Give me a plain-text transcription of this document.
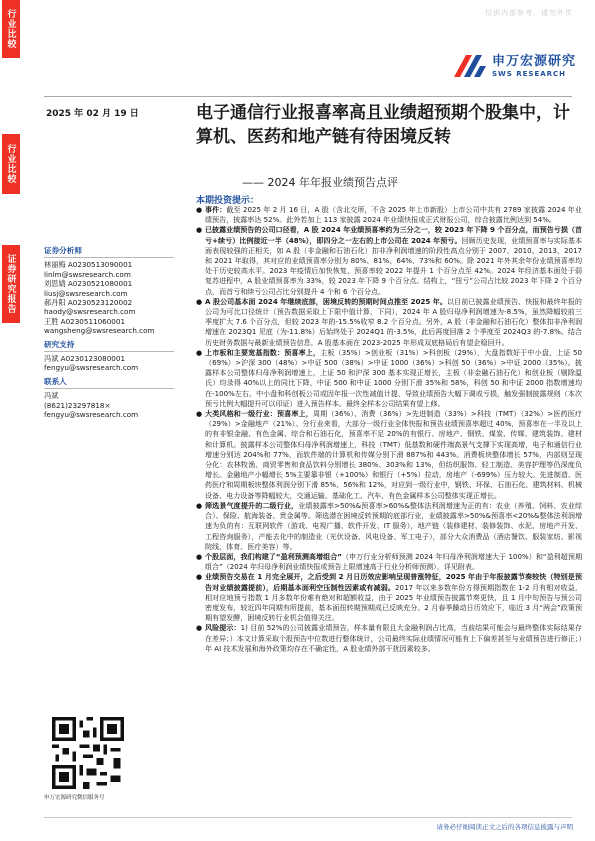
行业比较
行业比较
证券研究报告
仅供内部参考，请勿外传
申万宏源研究
SWS RESEARCH
2025 年 02 月 19 日	电子通信行业报喜率高且业绩超预期个股集中，计算机、医药和地产链有待困境反转
—— 2024 年年报业绩预告点评
本期投资提示：
证券分析师
林丽梅 A0230513090001
linlm@swsresearch.com
刘思婧 A0230521080001
liusj@swsresearch.com
郝丹阳 A0230523120002
haody@swsresearch.com
王胜 A0230511060001
wangsheng@swsresearch.com
研究支持
冯斌 A0230123080001
fengyu@swsresearch.com
联系人
冯斌
(8621)23297818×
fengyu@swsresearch.com
申万宏源研究微信服务号
● 事件：截至 2025 年 2 月 16 日，A 股（含北交所，不含 2025 年上市新股）上市公司中共有 2789 家披露 2024 年业绩预告，披露率达 52%。此外若加上 113 家披露 2024 年业绩快报或正式财报公司，综合披露比例达到 54%。
● 已披露业绩预告的公司口径看，A 股 2024 年业绩预喜率约为三分之一，较 2023 年下降 9 个百分点，而预告亏损（首亏+续亏）比例接近一半（48%），即四分之一左右的上市公司在 2024 年预亏。回顾历史发现，业绩预喜率与实际基本面表现较强的正相关，如 A 股（非金融和石油石化）扣非净利润增速的阶段性高点分别于 2007、2010、2013、2017 和 2021 年取得，其对应的业绩预喜率分别为 80%、81%、64%、73%和 60%。除 2021 年外其余年份业绩预喜率均处于历史较高水平。2023 年疫情后加快恢复，预喜率较 2022 年提升 1 个百分点至 42%。2024 年经济基本面处于弱复苏进程中，A 股业绩预喜率为 33%，较 2023 年下降 9 个百分点。结构上，“扭亏”公司占比较 2023 年下降 2 个百分点，而首亏和续亏公司占比分别提升 4 个和 6 个百分点。
● A 股公司基本面 2024 年继续底部，困境反转的预期时间点推至 2025 年。以目前已披露业绩预告、快报和最终年报的公司为可比口径统计（预告数据采取上下限中值计算，下同），2024 年 A 股归母净利润增速为-8.5%，虽然降幅较前三季度扩大 7.6 个百分点，但较 2023 年的-15.5%收窄 8.2 个百分点。另外，A 股（非金融和石油石化）整体扣非净利润增速在 2023Q1 见底（为-11.8%）后始终处于 2024Q1 的-3.5%，此后再度回落 2 个季度至 2024Q3 的-7.8%。结合历史财务数据与最新业绩预告信息，A 股基本面在 2023-2025 年形成双底格局后有望企稳回升。
● 上市板和主要宽基指数：预喜率上，主板（35%）>创业板（31%）>科创板（29%），大盘指数好于中小盘，上证 50（69%）>沪深 300（48%）>中证 500（38%）>中证 1000（36%）>科创 50（36%）>中证 2000（35%）。披露样本公司整体归母净利润增速上，上证 50 和沪深 300 基本实现正增长，主板（非金融石油石化）和创业板（剔除温氏）均录得 40%以上的同比下降，中证 500 和中证 1000 分别下滑 35%和 58%，科创 50 和中证 2000 指数增速均在-100%左右。中小盘和科创板公司或因年报一次性减值计提、导致业绩预告大幅下调或亏损，触发强制披露规则（本次预亏比例大幅提升可以印证）进入预告样本。最终全样本公司结果有望上修。
● 大类风格和一级行业：预喜率上，周期（36%）、消费（36%）>先进制造（33%）>科技（TMT）（32%）>医药医疗（29%）>金融地产（21%）。分行业来看，大部分一级行业全体快报和预告业绩预喜率超过 40%，预喜率在一半及以上的有非银金融、有色金属、综合和石油石化，预喜率不足 20%的有银行、房地产、钢铁、煤炭、传媒、建筑装饰、建材和计算机。披露样本公司整体归母净利润增速上，科技（TMT）低基数和硬件端高景气支撑下实现高增，电子和通信行业增速分别达 204%和 77%，而软件端的计算机和传媒分别下滑 887%和 443%。消费板块整体增长 57%，内部则呈现分化：农林牧渔、商贸零售和食品饮料分别增长 380%、303%和 13%，但纺织服饰、轻工制造、美容护理等仍深度负增长。金融地产小幅增长 5%主要靠非银（+100%）和银行（+5%）拉动，房地产（-699%）压力较大。先进制造、医药医疗和周期板块整体利润分别下滑 85%、56%和 12%，对应到一级行业中，钢铁、环保、石油石化、建筑材料、机械设备、电力设备等降幅较大，交通运输、基础化工、汽车、有色金属样本公司整体实现正增长。
● 筛选景气度提升的二级行业，业绩披露率>50%&预喜率>60%&整体法利润增速为正的有：农业（养殖、饲料、农业综合）、保险、航海装备、贵金属等。筛选潜在困境反转预期的底部行业，业绩披露率>50%&预喜率<20%&整体法利润增速为负的有：互联网软件（游戏、电视广播、软件开发、IT 服务），地产链（装修建材、装修装饰、水泥、房地产开发、工程咨询服务），产能去化中的制造业（光伏设备、风电设备、军工电子），部分大众消费品（酒店餐饮、服装家纺、影视院线、体育、医疗美容）等。
● 个股层面，我们构建了“盈利预测高增组合”（申万行业分析师预测 2024 年归母净利润增速大于 100%）和“盈利超预期组合”（2024 年归母净利润业绩快报或预告上限增速高于行业分析师预测），详见附表。
● 业绩预告交易在 1 月完全展开，之后受到 2 月日历效应影响呈现普涨特征，2025 年由于年报披露节奏较快（特别是预告对业绩披露提前），后期基本面利空压制性因素或有减弱。2017 年以来多数年份方得预期指数在 1-2 月有相对收益，相对应地预亏指数 1 月多数年份难有绝对和超额收益，由于 2025 年业绩预告披露节奏更快，且 1 月中旬预告与预公司密度发布，较近四年同期有所提前，基本面扭转期预期成已反映充分。2 月春季躁动日历效应下，临近 3 月“两会”政策预期有望发酵，困境反转行业机会值得关注。
● 风险提示：1) 目前 52%的公司披露业绩预告，样本量有限且大金融利润占比高，当前结果可能会与最终整体实际结果存在差异；）本文计算采取个股预告中位数进行整体统计，公司最终实际业绩情况可能有上下偏差甚至与业绩预告进行修正；）年 AI 技术发展和海外政策均存在不确定性，A 股业绩外部干扰因素较多。
请务必仔细阅读正文之后的各项信息披露与声明
